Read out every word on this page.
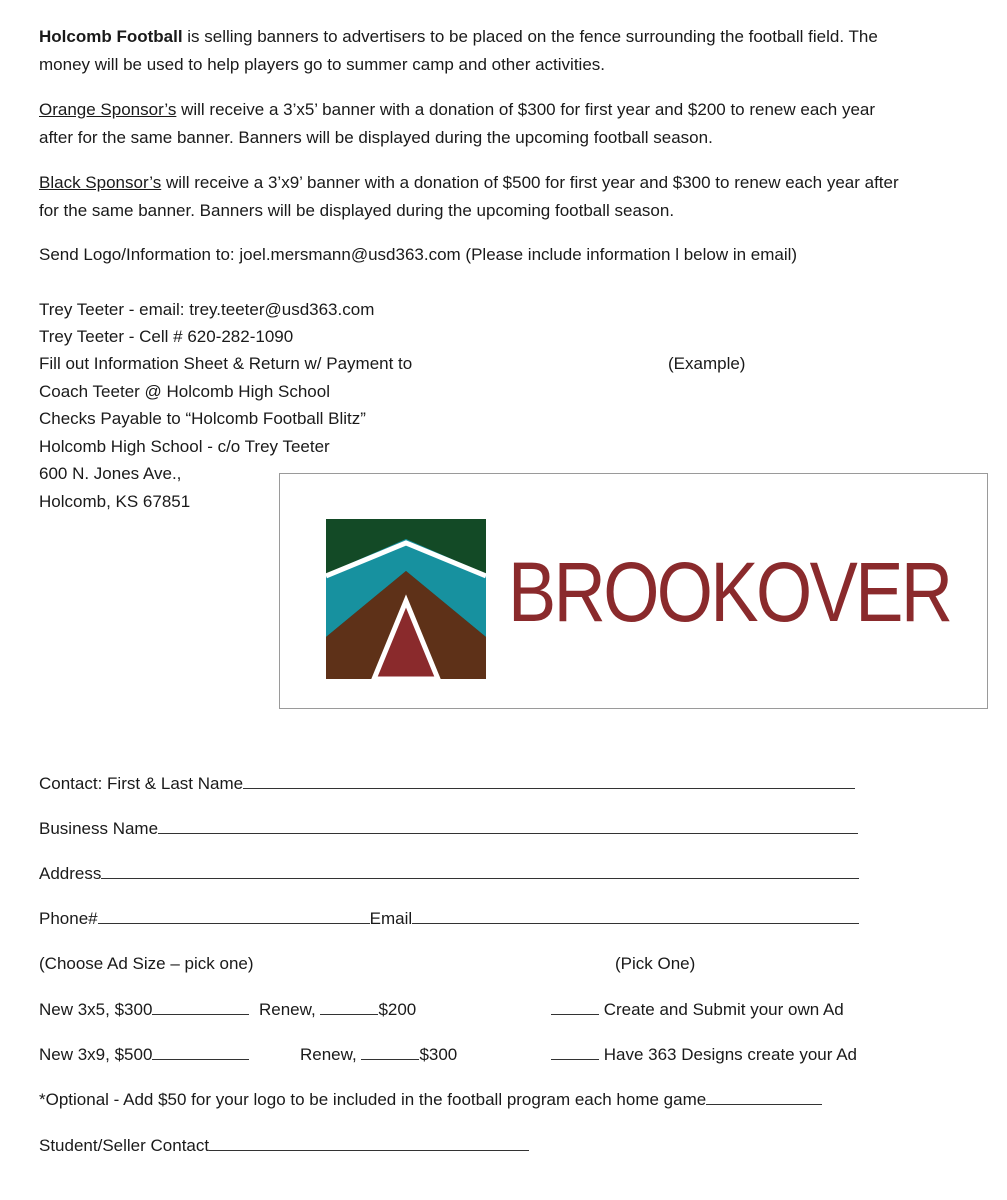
Holcomb Football is selling banners to advertisers to be placed on the fence surrounding the football field. The money will be used to help players go to summer camp and other activities.

Orange Sponsor’s will receive a 3’x5’ banner with a donation of $300 for first year and $200 to renew each year after for the same banner. Banners will be displayed during the upcoming football season.

Black Sponsor’s will receive a 3’x9’ banner with a donation of $500 for first year and $300 to renew each year after for the same banner. Banners will be displayed during the upcoming football season.

Send Logo/Information to: joel.mersmann@usd363.com (Please include information l below in email)
Trey Teeter - email: trey.teeter@usd363.com
Trey Teeter - Cell # 620-282-1090
Fill out Information Sheet & Return w/ Payment to
Coach Teeter @ Holcomb High School
Checks Payable to “Holcomb Football Blitz”
Holcomb High School - c/o Trey Teeter
600 N. Jones Ave.,
Holcomb, KS 67851
(Example)
BROOKOVER
Contact: First & Last Name
Business Name
Address
Phone#	Email
(Choose Ad Size – pick one)	(Pick One)
New 3x5, $300	Renew,	$200	Create and Submit your own Ad
New 3x9, $500	Renew,	$300	Have 363 Designs create your Ad
*Optional - Add $50 for your logo to be included in the football program each home game
Student/Seller Contact
